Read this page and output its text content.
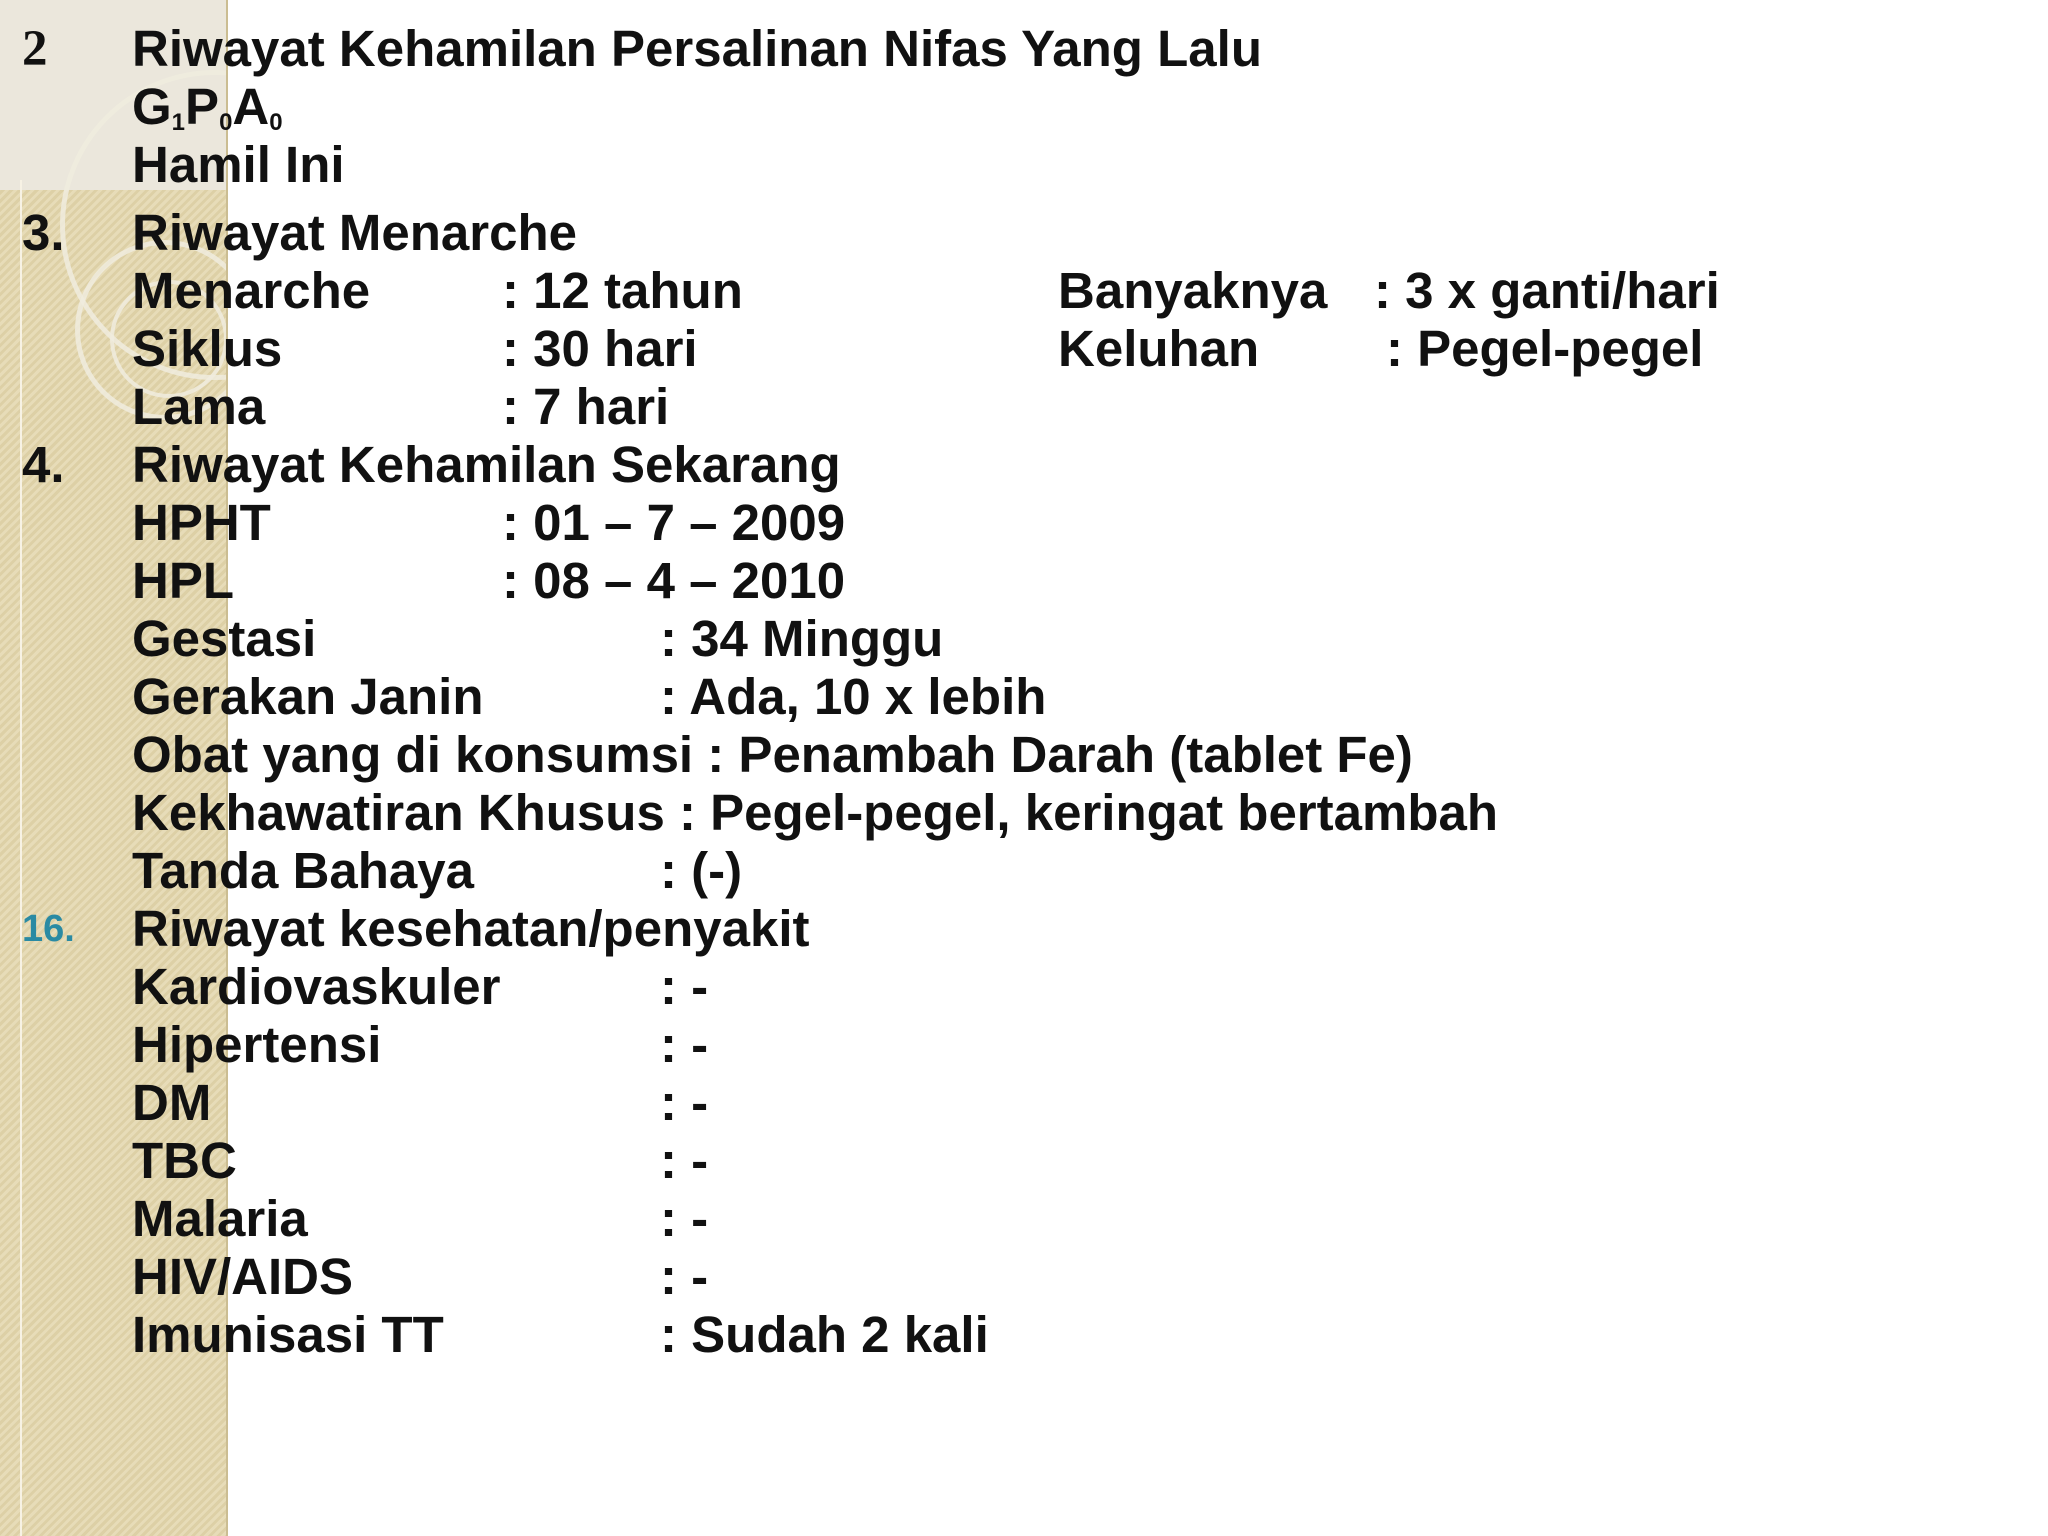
2 Riwayat Kehamilan Persalinan Nifas Yang Lalu
$G_1P_0A_0$
Hamil Ini
3. Riwayat Menarche
Menarche	: 12 tahun	Banyaknya : 3 x ganti/hari
Siklus	: 30 hari	Keluhan : Pegel-pegel
Lama	: 7 hari
4. Riwayat Kehamilan Sekarang
HPHT	: 01 – 7 – 2009
HPL	: 08 – 4 – 2010
Gestasi	: 34 Minggu
Gerakan Janin	: Ada, 10 x lebih
Obat yang di konsumsi : Penambah Darah (tablet Fe)
Kekhawatiran Khusus : Pegel-pegel, keringat bertambah
Tanda Bahaya	: (-)
16. Riwayat kesehatan/penyakit
Kardiovaskuler	: -
Hipertensi	: -
DM	: -
TBC	: -
Malaria	: -
HIV/AIDS	: -
Imunisasi TT	: Sudah 2 kali
